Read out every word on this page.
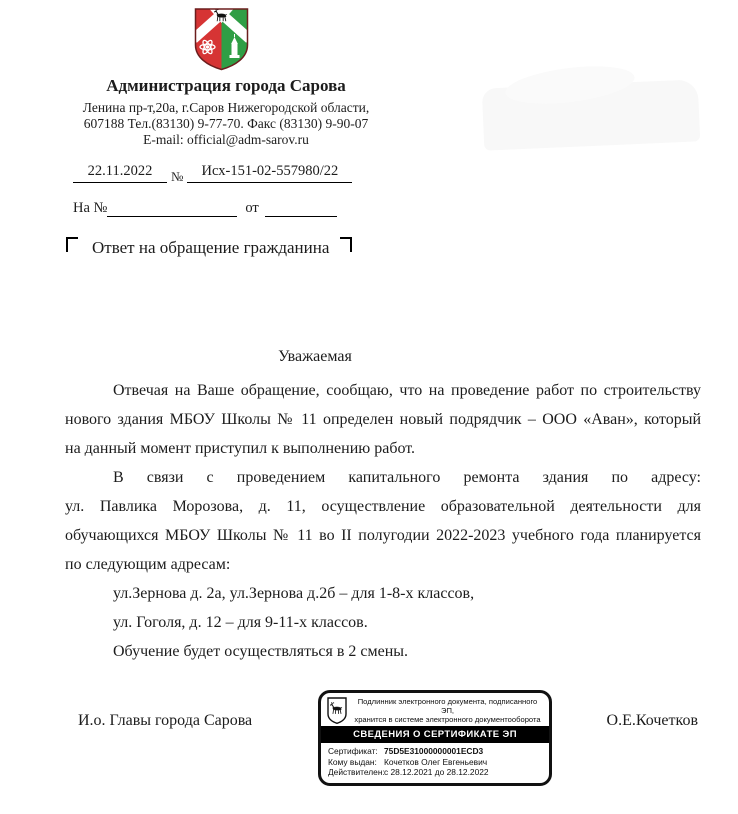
Администрация города Сарова
Ленина пр-т,20а, г.Саров Нижегородской области,
607188 Тел.(83130) 9-77-70. Факс (83130) 9-90-07
E-mail: official@adm-sarov.ru
22.11.2022 № Исх-151-02-557980/22
На №	от
Ответ на обращение гражданина
Уважаемая
Отвечая на Ваше обращение, сообщаю, что на проведение работ по строительству
нового здания МБОУ Школы № 11 определен новый подрядчик – ООО «Аван», который
на данный момент приступил к выполнению работ.
В связи с проведением капитального ремонта здания по адресу:
ул. Павлика Морозова, д. 11, осуществление образовательной деятельности для
обучающихся МБОУ Школы № 11 во II полугодии 2022-2023 учебного года планируется
по следующим адресам:
ул.Зернова д. 2а, ул.Зернова д.2б – для 1-8-х классов,
ул. Гоголя, д. 12 – для 9-11-х классов.
Обучение будет осуществляться в 2 смены.
И.о. Главы города Сарова	О.Е.Кочетков
Подлинник электронного документа, подписанного ЭП,
хранится в системе электронного документооборота
СВЕДЕНИЯ О СЕРТИФИКАТЕ ЭП
Сертификат: 75D5E31000000001ECD3
Кому выдан: Кочетков Олег Евгеньевич
Действителен: с 28.12.2021 до 28.12.2022
